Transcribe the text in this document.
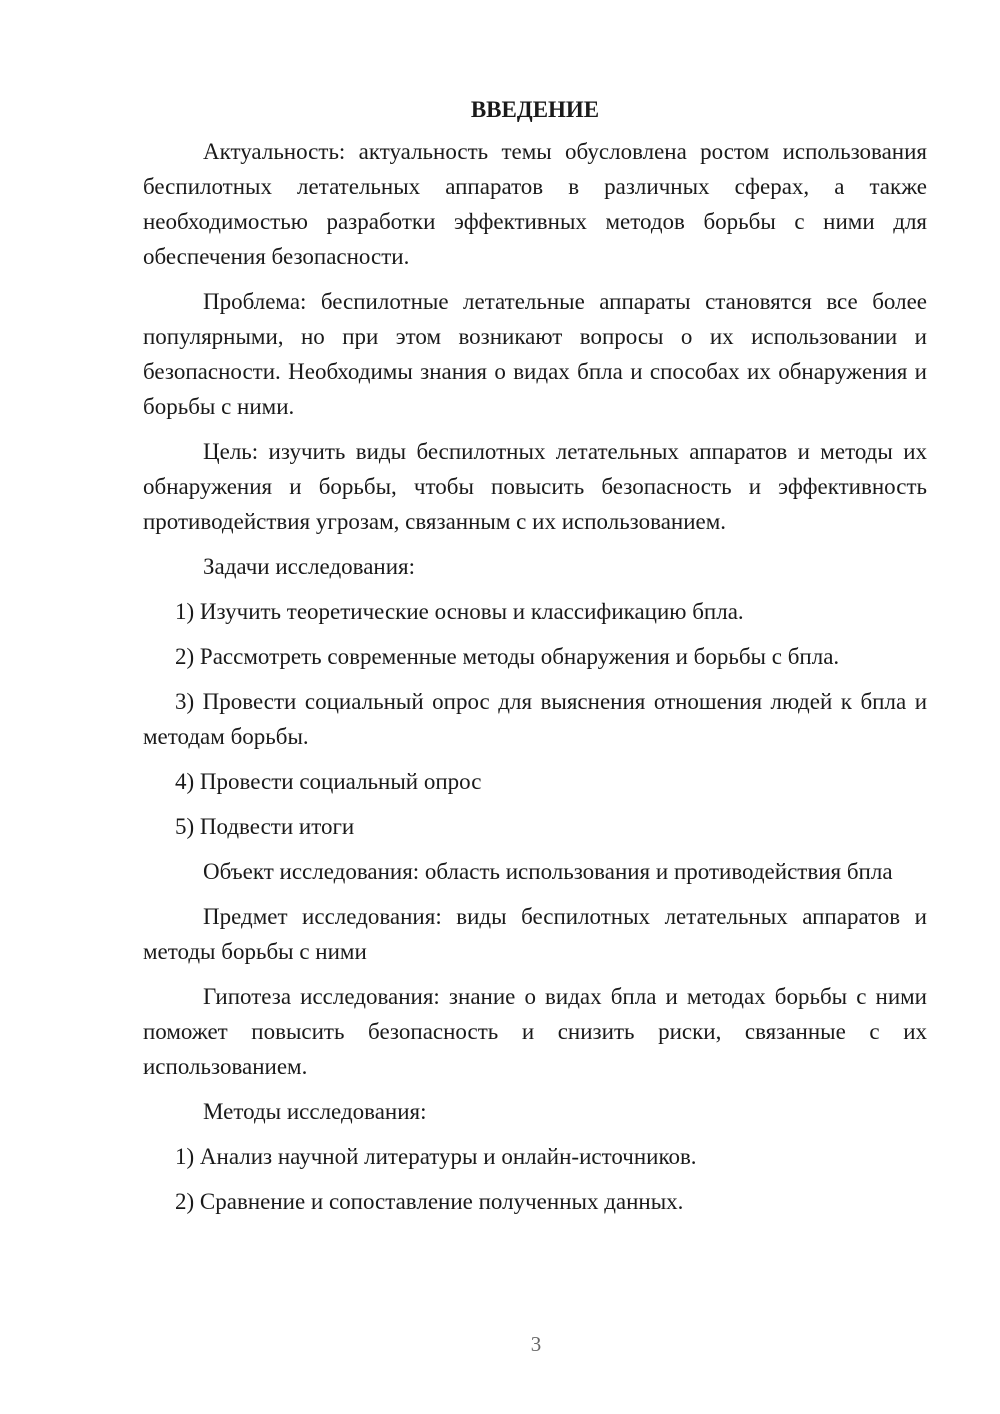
ВВЕДЕНИЕ

Актуальность: актуальность темы обусловлена ростом использования беспилотных летательных аппаратов в различных сферах, а также необходимостью разработки эффективных методов борьбы с ними для обеспечения безопасности.

Проблема: беспилотные летательные аппараты становятся все более популярными, но при этом возникают вопросы о их использовании и безопасности. Необходимы знания о видах бпла и способах их обнаружения и борьбы с ними.

Цель: изучить виды беспилотных летательных аппаратов и методы их обнаружения и борьбы, чтобы повысить безопасность и эффективность противодействия угрозам, связанным с их использованием.

Задачи исследования:

1) Изучить теоретические основы и классификацию бпла.

2) Рассмотреть современные методы обнаружения и борьбы с бпла.

3) Провести социальный опрос для выяснения отношения людей к бпла и методам борьбы.

4) Провести социальный опрос

5) Подвести итоги

Объект исследования: область использования и противодействия бпла

Предмет исследования: виды беспилотных летательных аппаратов и методы борьбы с ними

Гипотеза исследования: знание о видах бпла и методах борьбы с ними поможет повысить безопасность и снизить риски, связанные с их использованием.

Методы исследования:

1) Анализ научной литературы и онлайн-источников.

2) Сравнение и сопоставление полученных данных.

3
